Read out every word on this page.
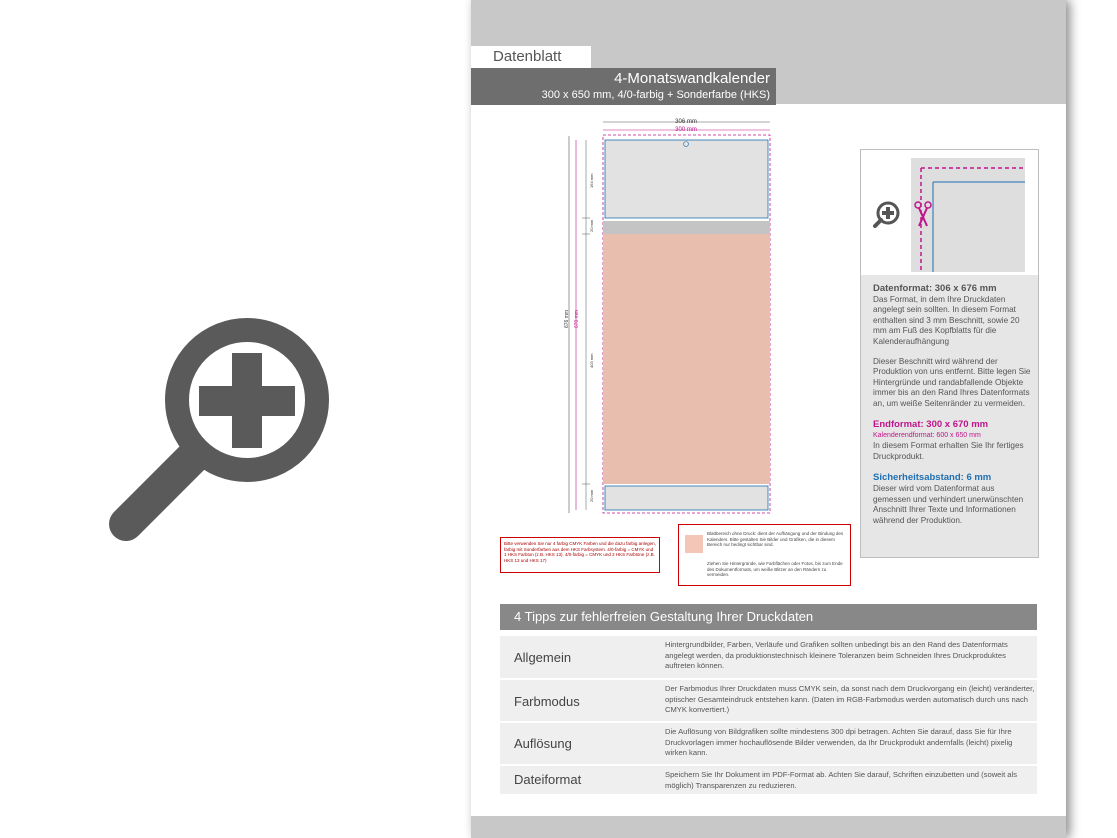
Datenblatt
4-Monatswandkalender
300 x 650 mm, 4/0-farbig + Sonderfarbe (HKS)
306 mm
300 mm
676 mm 670 mm
164 mm
20 mm
403 mm
20 mm
Bitte verwenden Sie nur 4 farbig CMYK Farben und die dazu farbig anlegen, farbig mit Sonderfarben aus dem HKS Farbsystem. 4/0-farbig = CMYK und 1 HKS Farbton (z.B. HKS 13). 4/0-farbig = CMYK und 2 HKS Farbtöne (z.B. HKS 13 und HKS 17)
Blattbereich ohne Druck: dient der Aufhängung und der Bindung des Kalenders. Bitte gestalten Sie Bilder und Grafiken, die in diesem Bereich nur bedingt sichtbar sind.
Ziehen Sie Hintergründe, wie Farbflächen oder Fotos, bis zum Ende des Dokumentformats, um weiße Blitzer an den Rändern zu vermeiden.
Datenformat: 306 x 676 mm

Das Format, in dem Ihre Druckdaten angelegt sein sollten. In diesem Format enthalten sind 3 mm Beschnitt, sowie 20 mm am Fuß des Kopfblatts für die Kalenderaufhängung

Dieser Beschnitt wird während der Produktion von uns entfernt. Bitte legen Sie Hintergründe und randabfallende Objekte immer bis an den Rand Ihres Datenformats an, um weiße Seitenränder zu vermeiden.

Endformat: 300 x 670 mm
Kalenderendformat: 600 x 650 mm

In diesem Format erhalten Sie Ihr fertiges Druckprodukt.

Sicherheitsabstand: 6 mm

Dieser wird vom Datenformat aus gemessen und verhindert unerwünschten Anschnitt Ihrer Texte und Informationen während der Produktion.

4 Tipps zur fehlerfreien Gestaltung Ihrer Druckdaten
Allgemein
Hintergrundbilder, Farben, Verläufe und Grafiken sollten unbedingt bis an den Rand des Datenformats angelegt werden, da produktionstechnisch kleinere Toleranzen beim Schneiden Ihres Druckproduktes auftreten können.
Farbmodus
Der Farbmodus Ihrer Druckdaten muss CMYK sein, da sonst nach dem Druckvorgang ein (leicht) veränderter, optischer Gesamteindruck entstehen kann. (Daten im RGB-Farbmodus werden automatisch durch uns nach CMYK konvertiert.)
Auflösung
Die Auflösung von Bildgrafiken sollte mindestens 300 dpi betragen. Achten Sie darauf, dass Sie für Ihre Druckvorlagen immer hochauflösende Bilder verwenden, da Ihr Druckprodukt andernfalls (leicht) pixelig wirken kann.
Dateiformat	Speichern Sie Ihr Dokument im PDF-Format ab. Achten Sie darauf, Schriften einzubetten und (soweit als möglich) Transparenzen zu reduzieren.
